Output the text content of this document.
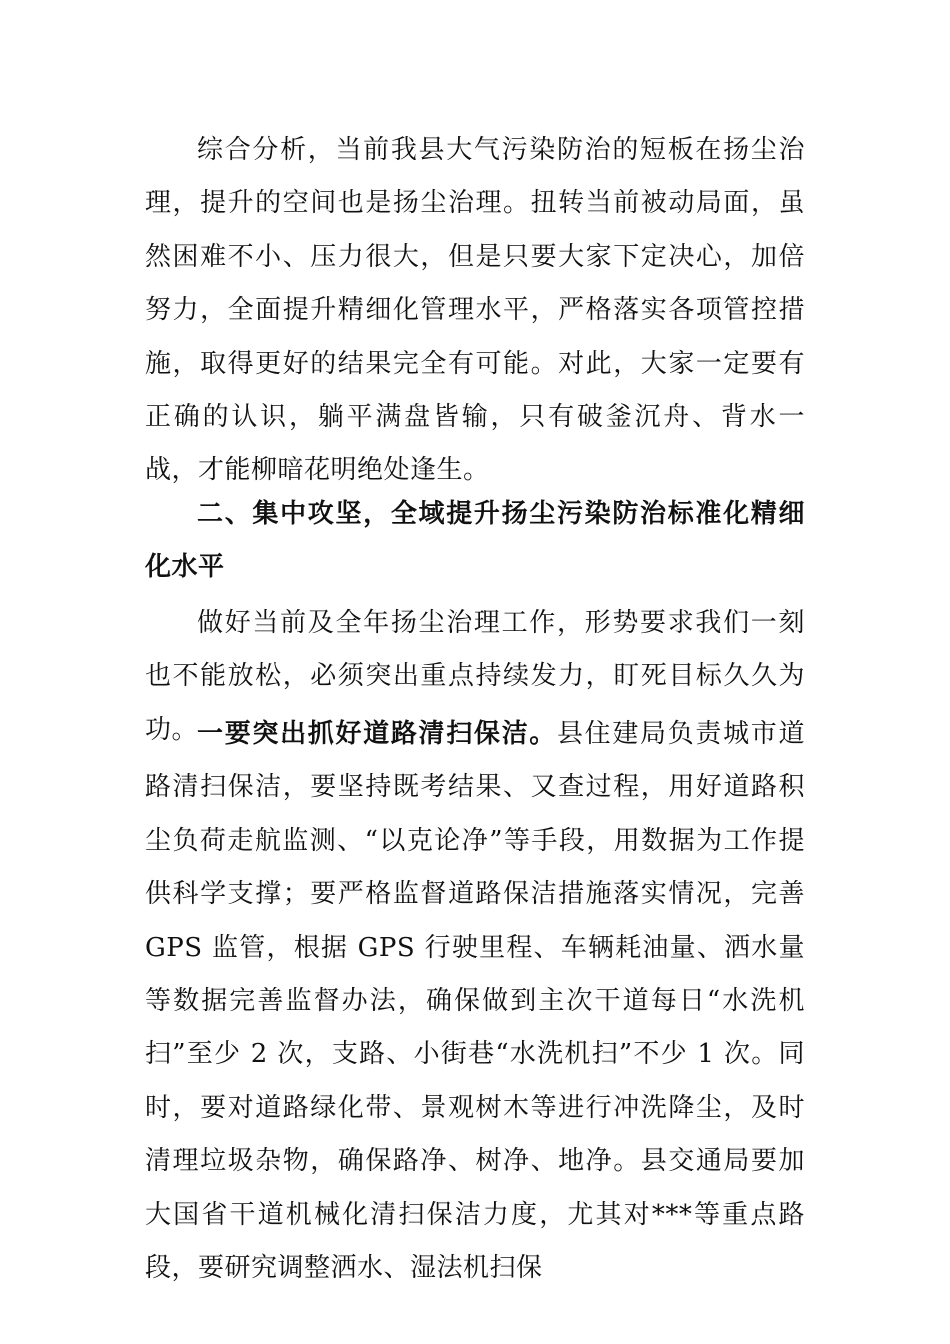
综合分析，当前我县大气污染防治的短板在扬尘治理，提升的空间也是扬尘治理。扭转当前被动局面，虽然困难不小、压力很大，但是只要大家下定决心，加倍努力，全面提升精细化管理水平，严格落实各项管控措施，取得更好的结果完全有可能。对此，大家一定要有正确的认识，躺平满盘皆输，只有破釜沉舟、背水一战，才能柳暗花明绝处逢生。

二、集中攻坚，全域提升扬尘污染防治标准化精细化水平

做好当前及全年扬尘治理工作，形势要求我们一刻也不能放松，必须突出重点持续发力，盯死目标久久为功。

一要突出抓好道路清扫保洁。县住建局负责城市道路清扫保洁，要坚持既考结果、又查过程，用好道路积尘负荷走航监测、“以克论净”等手段，用数据为工作提供科学支撑；要严格监督道路保洁措施落实情况，完善 GPS 监管，根据 GPS 行驶里程、车辆耗油量、洒水量等数据完善监督办法，确保做到主次干道每日“水洗机扫”至少 2 次，支路、小街巷“水洗机扫”不少 1 次。同时，要对道路绿化带、景观树木等进行冲洗降尘，及时清理垃圾杂物，确保路净、树净、地净。县交通局要加大国省干道机械化清扫保洁力度，尤其对***等重点路段，要研究调整洒水、湿法机扫保
